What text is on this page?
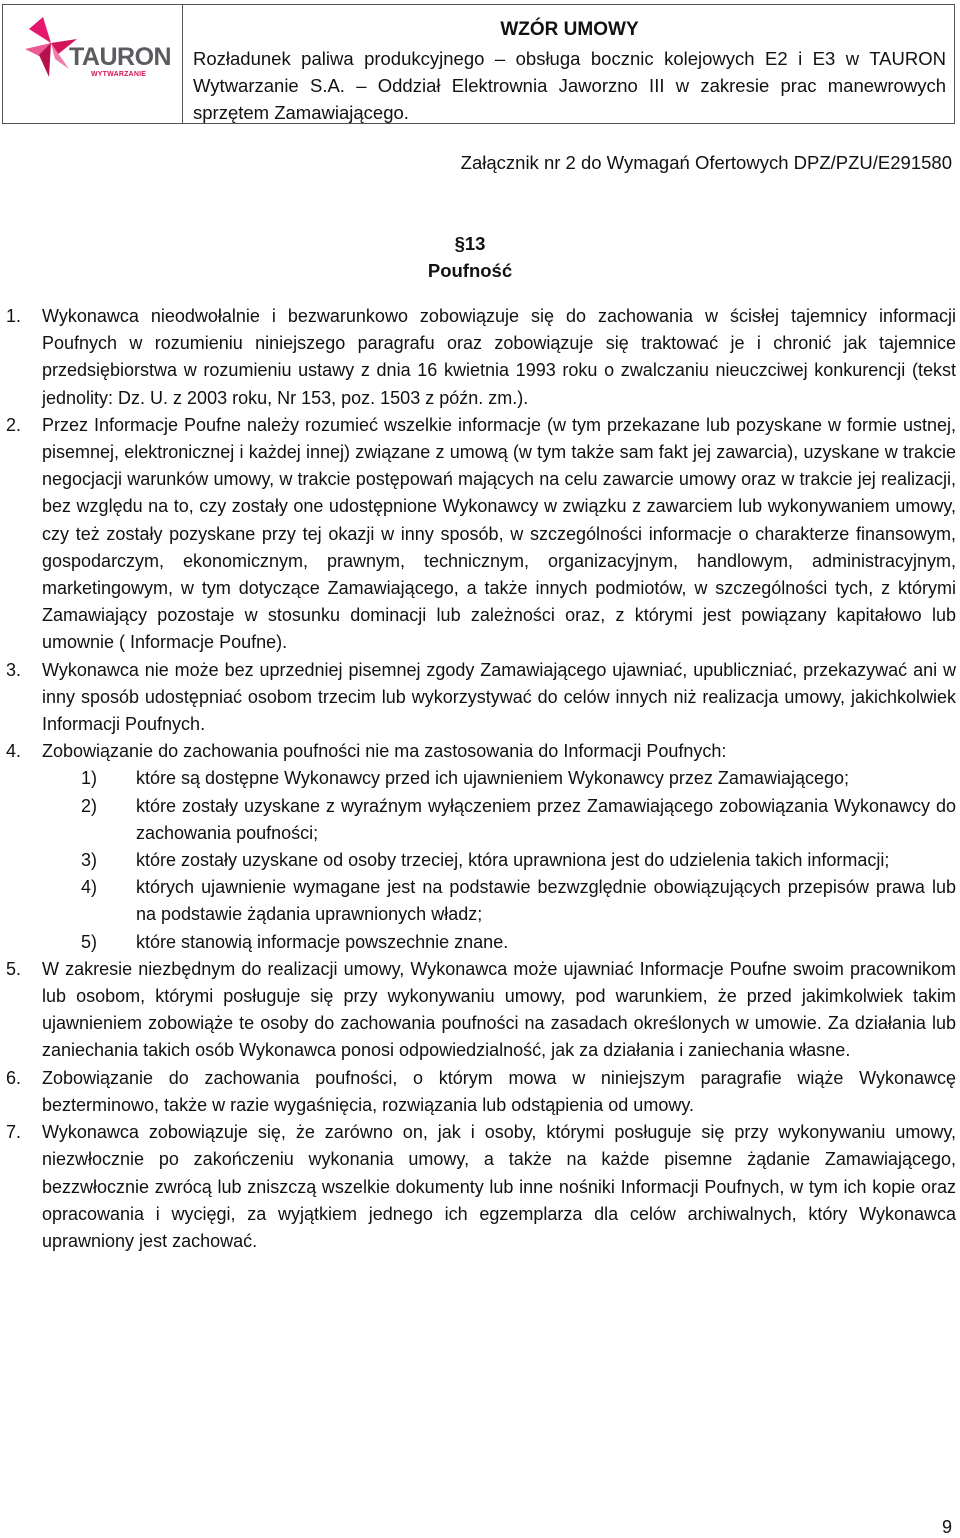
TAURON
WYTWARZANIE
WZÓR UMOWY

Rozładunek paliwa produkcyjnego – obsługa bocznic kolejowych E2 i E3 w TAURON Wytwarzanie S.A. – Oddział Elektrownia Jaworzno III w zakresie prac manewrowych sprzętem Zamawiającego.

Załącznik nr 2 do Wymagań Ofertowych DPZ/PZU/E291580
§13
Poufność
1.	Wykonawca nieodwołalnie i bezwarunkowo zobowiązuje się do zachowania w ścisłej tajemnicy informacji Poufnych w rozumieniu niniejszego paragrafu oraz zobowiązuje się traktować je i chronić jak tajemnice przedsiębiorstwa w rozumieniu ustawy z dnia 16 kwietnia 1993 roku o zwalczaniu nieuczciwej konkurencji (tekst jednolity: Dz. U. z 2003 roku, Nr 153, poz. 1503 z późn. zm.).
2.	Przez Informacje Poufne należy rozumieć wszelkie informacje (w tym przekazane lub pozyskane w formie ustnej, pisemnej, elektronicznej i każdej innej) związane z umową (w tym także sam fakt jej zawarcia), uzyskane w trakcie negocjacji warunków umowy, w trakcie postępowań mających na celu zawarcie umowy oraz w trakcie jej realizacji, bez względu na to, czy zostały one udostępnione Wykonawcy w związku z zawarciem lub wykonywaniem umowy, czy też zostały pozyskane przy tej okazji w inny sposób, w szczególności informacje o charakterze finansowym, gospodarczym, ekonomicznym, prawnym, technicznym, organizacyjnym, handlowym, administracyjnym, marketingowym, w tym dotyczące Zamawiającego, a także innych podmiotów, w szczególności tych, z którymi Zamawiający pozostaje w stosunku dominacji lub zależności oraz, z którymi jest powiązany kapitałowo lub umownie ( Informacje Poufne).
3.	Wykonawca nie może bez uprzedniej pisemnej zgody Zamawiającego ujawniać, upubliczniać, przekazywać ani w inny sposób udostępniać osobom trzecim lub wykorzystywać do celów innych niż realizacja umowy, jakichkolwiek Informacji Poufnych.
4.	Zobowiązanie do zachowania poufności nie ma zastosowania do Informacji Poufnych:
1)	które są dostępne Wykonawcy przed ich ujawnieniem Wykonawcy przez Zamawiającego;
2)	które zostały uzyskane z wyraźnym wyłączeniem przez Zamawiającego zobowiązania Wykonawcy do zachowania poufności;
3)	które zostały uzyskane od osoby trzeciej, która uprawniona jest do udzielenia takich informacji;
4)	których ujawnienie wymagane jest na podstawie bezwzględnie obowiązujących przepisów prawa lub na podstawie żądania uprawnionych władz;
5)	które stanowią informacje powszechnie znane.
5.	W zakresie niezbędnym do realizacji umowy, Wykonawca może ujawniać Informacje Poufne swoim pracownikom lub osobom, którymi posługuje się przy wykonywaniu umowy, pod warunkiem, że przed jakimkolwiek takim ujawnieniem zobowiąże te osoby do zachowania poufności na zasadach określonych w umowie. Za działania lub zaniechania takich osób Wykonawca ponosi odpowiedzialność, jak za działania i zaniechania własne.
6.	Zobowiązanie do zachowania poufności, o którym mowa w niniejszym paragrafie wiąże Wykonawcę bezterminowo, także w razie wygaśnięcia, rozwiązania lub odstąpienia od umowy.
7.	Wykonawca zobowiązuje się, że zarówno on, jak i osoby, którymi posługuje się przy wykonywaniu umowy, niezwłocznie po zakończeniu wykonania umowy, a także na każde pisemne żądanie Zamawiającego, bezzwłocznie zwrócą lub zniszczą wszelkie dokumenty lub inne nośniki Informacji Poufnych, w tym ich kopie oraz opracowania i wycięgi, za wyjątkiem jednego ich egzemplarza dla celów archiwalnych, który Wykonawca uprawniony jest zachować.
9
